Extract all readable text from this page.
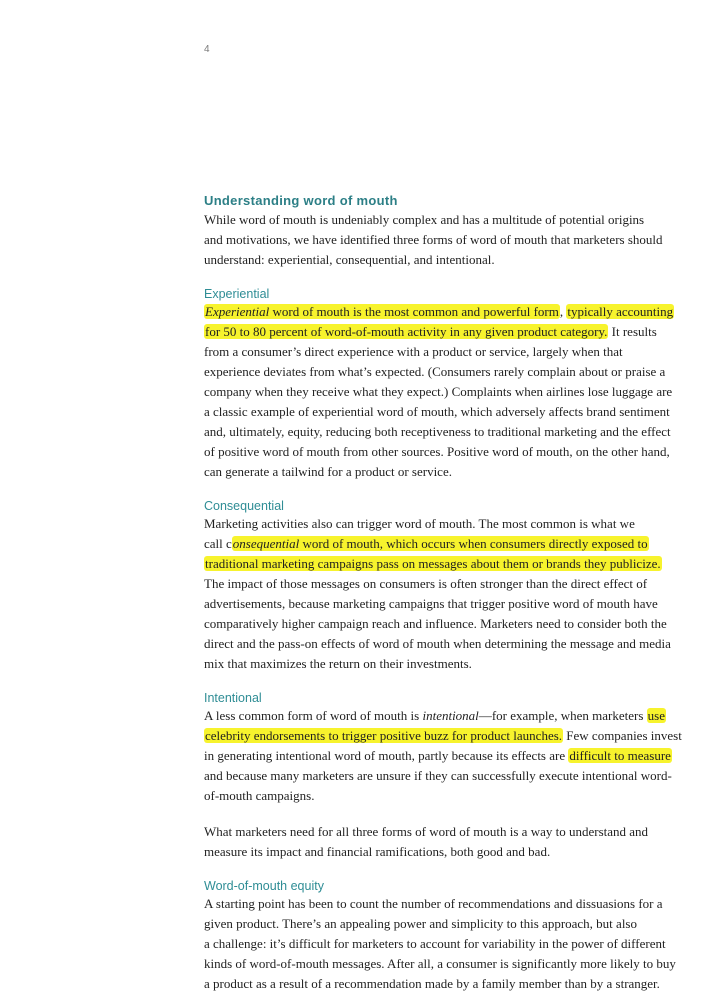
4
Understanding word of mouth
While word of mouth is undeniably complex and has a multitude of potential origins
and motivations, we have identified three forms of word of mouth that marketers should
understand: experiential, consequential, and intentional.
Experiential
Experiential word of mouth is the most common and powerful form, typically accounting
for 50 to 80 percent of word-of-mouth activity in any given product category. It results
from a consumer’s direct experience with a product or service, largely when that
experience deviates from what’s expected. (Consumers rarely complain about or praise a
company when they receive what they expect.) Complaints when airlines lose luggage are
a classic example of experiential word of mouth, which adversely affects brand sentiment
and, ultimately, equity, reducing both receptiveness to traditional marketing and the effect
of positive word of mouth from other sources. Positive word of mouth, on the other hand,
can generate a tailwind for a product or service.
Consequential
Marketing activities also can trigger word of mouth. The most common is what we
call consequential word of mouth, which occurs when consumers directly exposed to
traditional marketing campaigns pass on messages about them or brands they publicize.
The impact of those messages on consumers is often stronger than the direct effect of
advertisements, because marketing campaigns that trigger positive word of mouth have
comparatively higher campaign reach and influence. Marketers need to consider both the
direct and the pass-on effects of word of mouth when determining the message and media
mix that maximizes the return on their investments.
Intentional
A less common form of word of mouth is intentional—for example, when marketers use
celebrity endorsements to trigger positive buzz for product launches. Few companies invest
in generating intentional word of mouth, partly because its effects are difficult to measure
and because many marketers are unsure if they can successfully execute intentional word-
of-mouth campaigns.
What marketers need for all three forms of word of mouth is a way to understand and
measure its impact and financial ramifications, both good and bad.
Word-of-mouth equity
A starting point has been to count the number of recommendations and dissuasions for a
given product. There’s an appealing power and simplicity to this approach, but also
a challenge: it’s difficult for marketers to account for variability in the power of different
kinds of word-of-mouth messages. After all, a consumer is significantly more likely to buy
a product as a result of a recommendation made by a family member than by a stranger.
